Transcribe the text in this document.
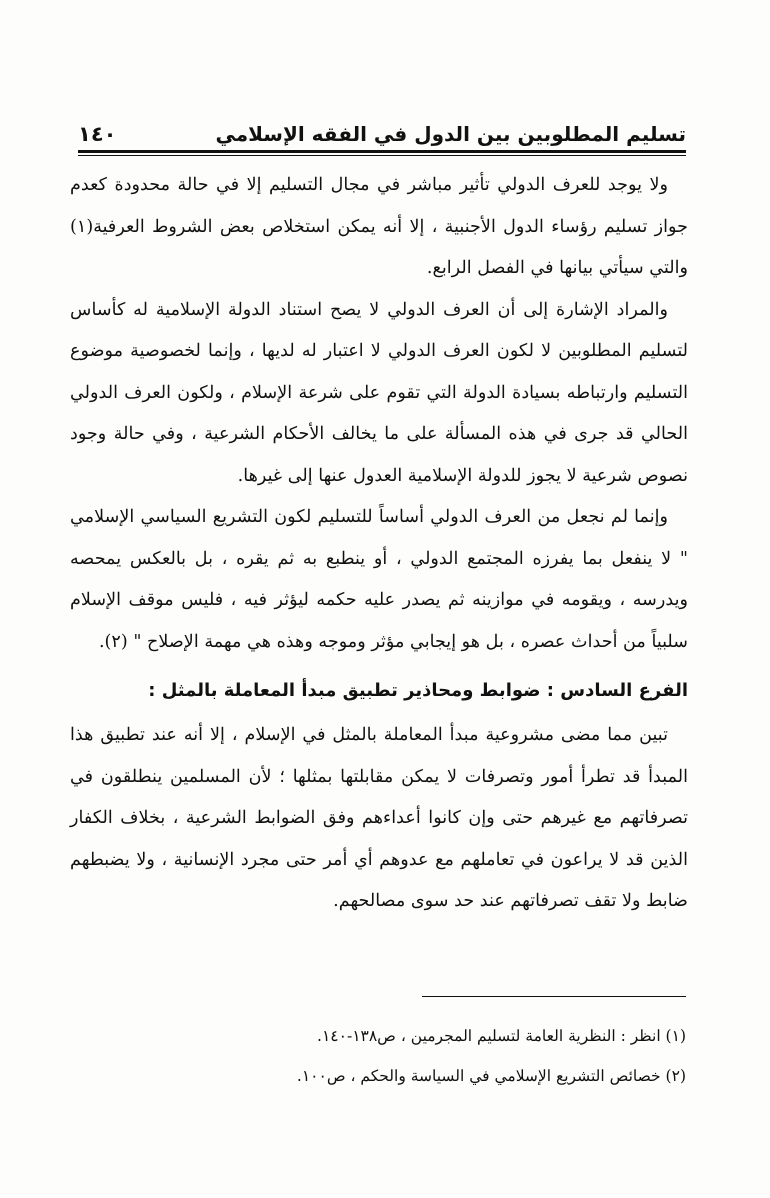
تسليم المطلوبين بين الدول في الفقه الإسلامي
١٤٠

ولا يوجد للعرف الدولي تأثير مباشر في مجال التسليم إلا في حالة محدودة كعدم جواز تسليم رؤساء الدول الأجنبية ، إلا أنه يمكن استخلاص بعض الشروط العرفية(١) والتي سيأتي بيانها في الفصل الرابع.

والمراد الإشارة إلى أن العرف الدولي لا يصح استناد الدولة الإسلامية له كأساس لتسليم المطلوبين لا لكون العرف الدولي لا اعتبار له لديها ، وإنما لخصوصية موضوع التسليم وارتباطه بسيادة الدولة التي تقوم على شرعة الإسلام ، ولكون العرف الدولي الحالي قد جرى في هذه المسألة على ما يخالف الأحكام الشرعية ، وفي حالة وجود نصوص شرعية لا يجوز للدولة الإسلامية العدول عنها إلى غيرها.

وإنما لم نجعل من العرف الدولي أساساً للتسليم لكون التشريع السياسي الإسلامي " لا ينفعل بما يفرزه المجتمع الدولي ، أو ينطبع به ثم يقره ، بل بالعكس يمحصه ويدرسه ، ويقومه في موازينه ثم يصدر عليه حكمه ليؤثر فيه ، فليس موقف الإسلام سلبياً من أحداث عصره ، بل هو إيجابي مؤثر وموجه وهذه هي مهمة الإصلاح " (٢).

الفرع السادس : ضوابط ومحاذير تطبيق مبدأ المعاملة بالمثل :

تبين مما مضى مشروعية مبدأ المعاملة بالمثل في الإسلام ، إلا أنه عند تطبيق هذا المبدأ قد تطرأ أمور وتصرفات لا يمكن مقابلتها بمثلها ؛ لأن المسلمين ينطلقون في تصرفاتهم مع غيرهم حتى وإن كانوا أعداءهم وفق الضوابط الشرعية ، بخلاف الكفار الذين قد لا يراعون في تعاملهم مع عدوهم أي أمر حتى مجرد الإنسانية ، ولا يضبطهم ضابط ولا تقف تصرفاتهم عند حد سوى مصالحهم.

(١) انظر : النظرية العامة لتسليم المجرمين ، ص١٣٨-١٤٠.

(٢) خصائص التشريع الإسلامي في السياسة والحكم ، ص١٠٠.
